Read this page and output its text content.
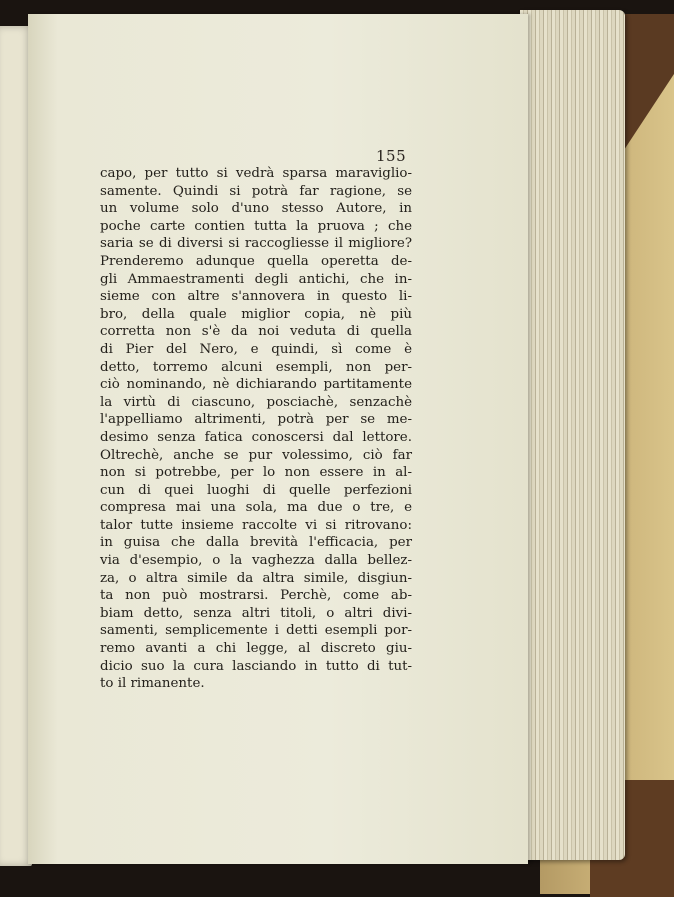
155
capo, per tutto si vedrà sparsa maraviglio-
samente. Quindi si potrà far ragione, se
un volume solo d'uno stesso Autore, in
poche carte contien tutta la pruova ; che
saria se di diversi si raccogliesse il migliore?
Prenderemo adunque quella operetta de-
gli Ammaestramenti degli antichi, che in-
sieme con altre s'annovera in questo li-
bro, della quale miglior copia, nè più
corretta non s'è da noi veduta di quella
di Pier del Nero, e quindi, sì come è
detto, torremo alcuni esempli, non per-
ciò nominando, nè dichiarando partitamente
la virtù di ciascuno, posciachè, senzachè
l'appelliamo altrimenti, potrà per se me-
desimo senza fatica conoscersi dal lettore.
Oltrechè, anche se pur volessimo, ciò far
non si potrebbe, per lo non essere in al-
cun di quei luoghi di quelle perfezioni
compresa mai una sola, ma due o tre, e
talor tutte insieme raccolte vi si ritrovano:
in guisa che dalla brevità l'efficacia, per
via d'esempio, o la vaghezza dalla bellez-
za, o altra simile da altra simile, disgiun-
ta non può mostrarsi. Perchè, come ab-
biam detto, senza altri titoli, o altri divi-
samenti, semplicemente i detti esempli por-
remo avanti a chi legge, al discreto giu-
dicio suo la cura lasciando in tutto di tut-
to il rimanente.
